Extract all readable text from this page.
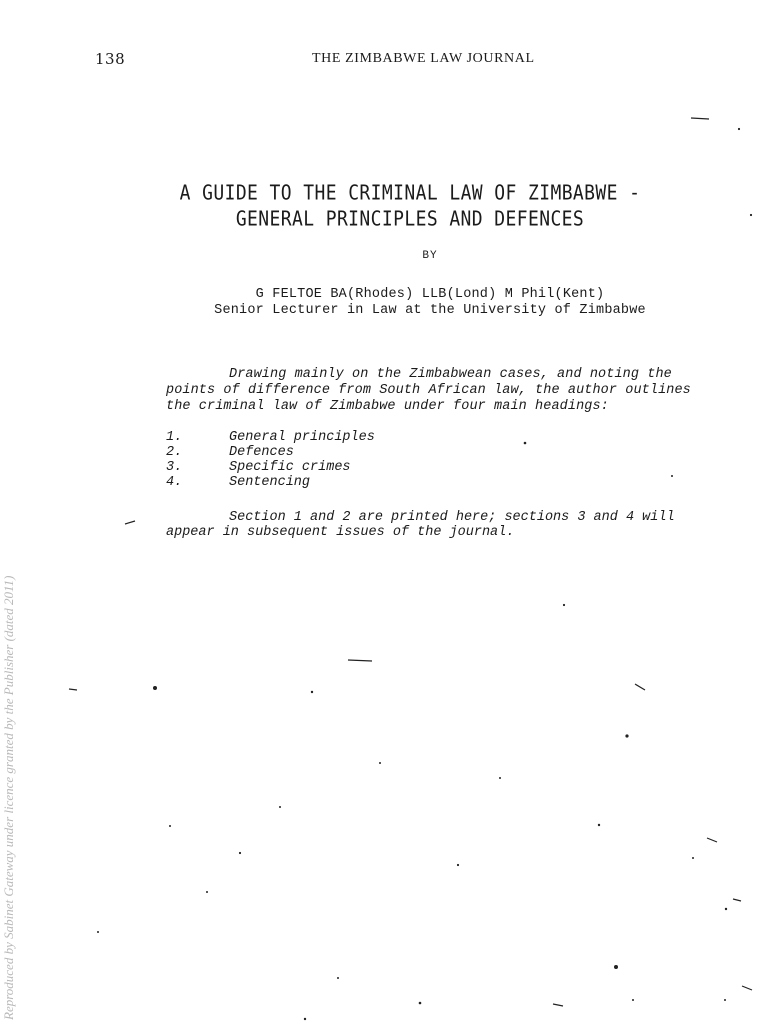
138	THE ZIMBABWE LAW JOURNAL
A GUIDE TO THE CRIMINAL LAW OF ZIMBABWE -
GENERAL PRINCIPLES AND DEFENCES
BY
G FELTOE BA(Rhodes) LLB(Lond) M Phil(Kent)
Senior Lecturer in Law at the University of Zimbabwe
Drawing mainly on the Zimbabwean cases, and noting the
points of difference from South African law, the author outlines
the criminal law of Zimbabwe under four main headings:
1.	General principles
2.	Defences
3.	Specific crimes
4.	Sentencing
Section 1 and 2 are printed here; sections 3 and 4 will
appear in subsequent issues of the journal.
Reproduced by Sabinet Gateway under licence granted by the Publisher (dated 2011)
